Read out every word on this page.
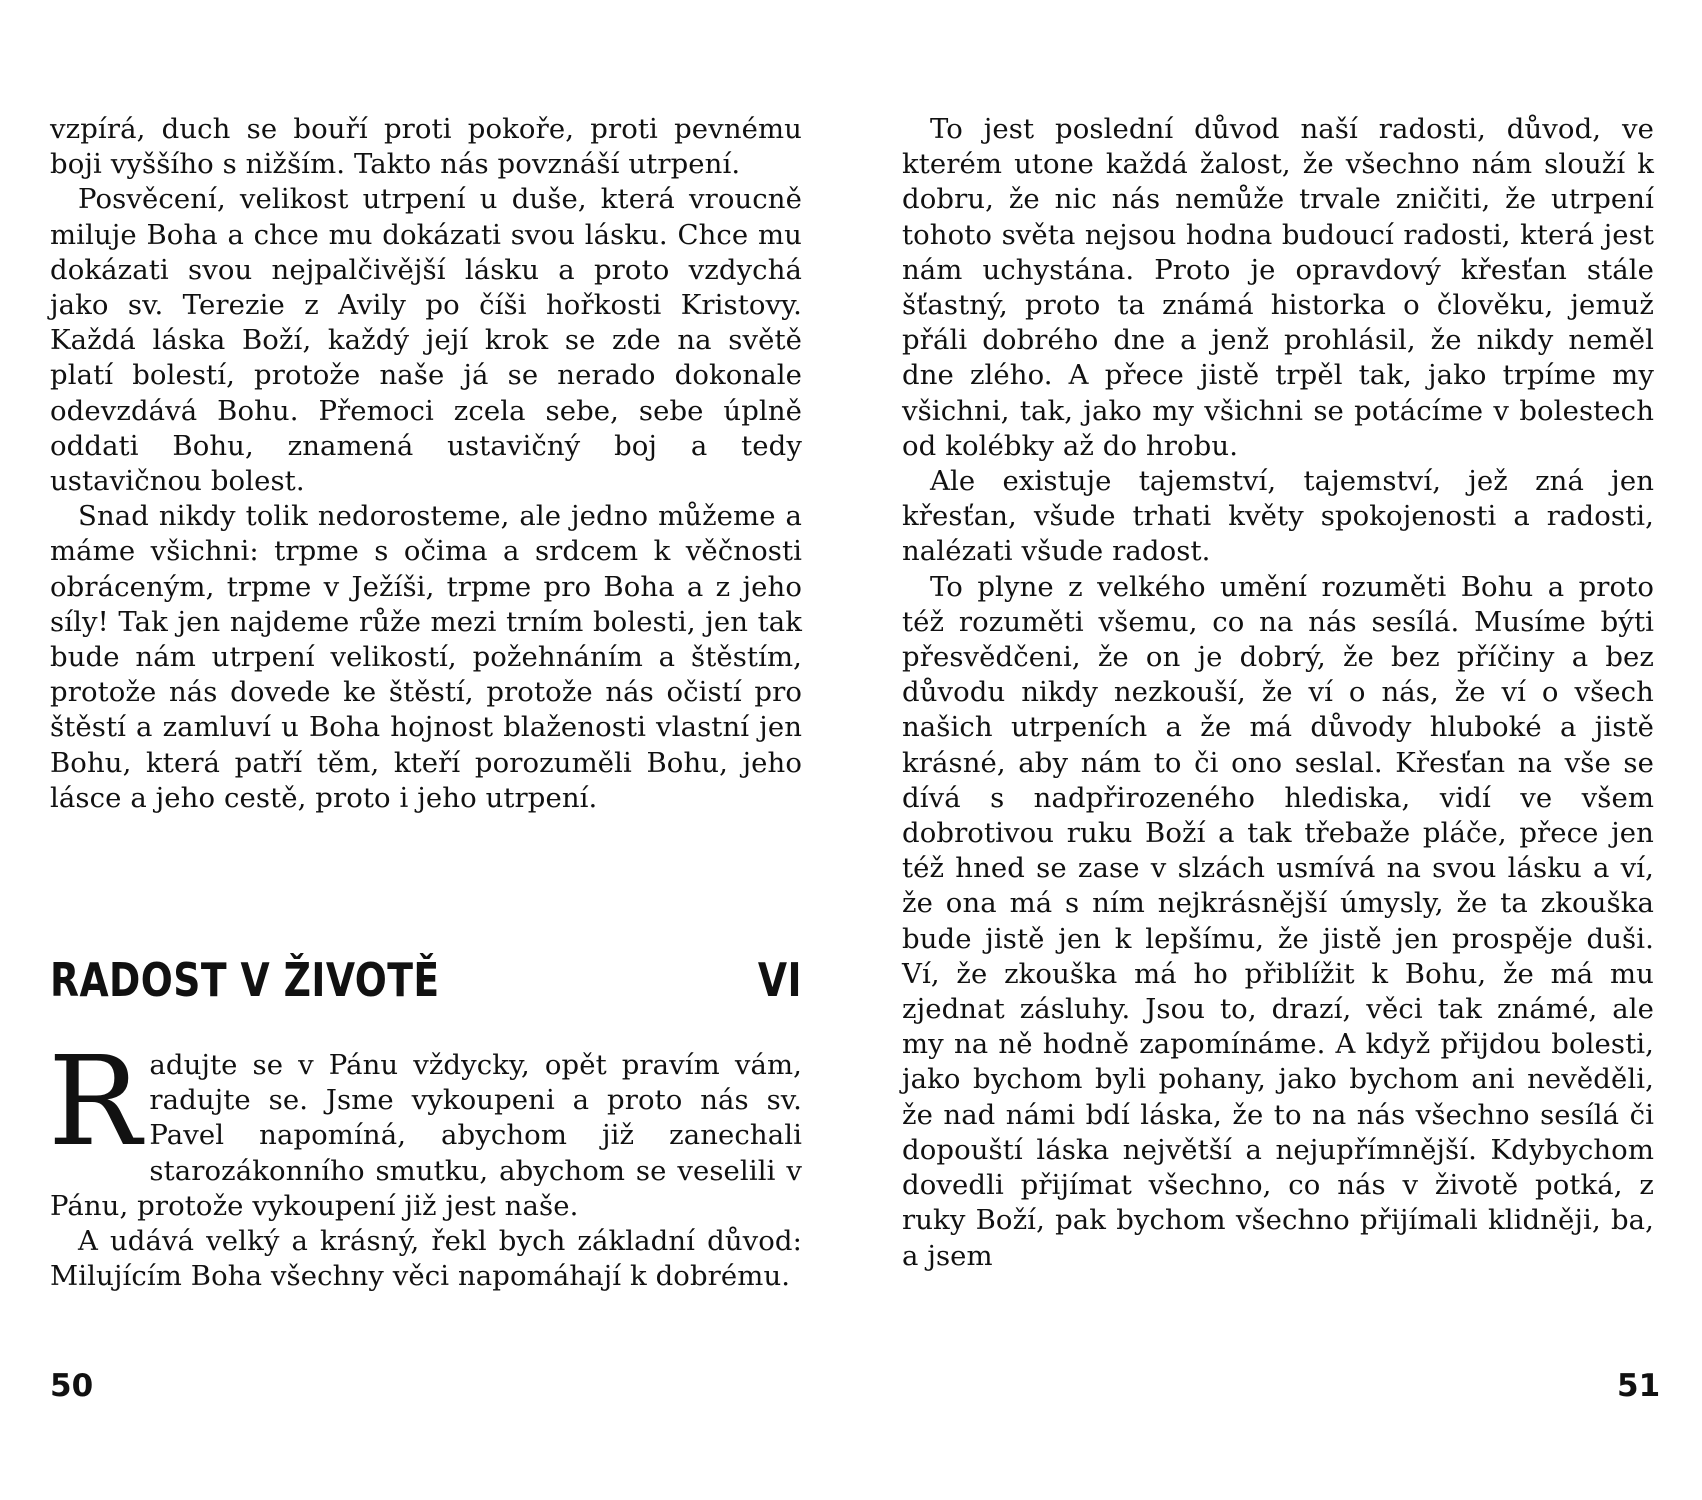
vzpírá, duch se bouří proti pokoře, proti pevnému boji vyššího s nižším. Takto nás povznáší utrpení.

Posvěcení, velikost utrpení u duše, která vroucně miluje Boha a chce mu dokázati svou lásku. Chce mu dokázati svou nejpalčivější lásku a proto vzdychá jako sv. Terezie z Avily po číši hořkosti Kristovy. Každá láska Boží, každý její krok se zde na světě platí bolestí, protože naše já se nerado dokonale odevzdává Bohu. Přemoci zcela sebe, sebe úplně oddati Bohu, znamená ustavičný boj a tedy ustavičnou bolest.

Snad nikdy tolik nedorosteme, ale jedno můžeme a máme všichni: trpme s očima a srdcem k věčnosti obráceným, trpme v Ježíši, trpme pro Boha a z jeho síly! Tak jen najdeme růže mezi trním bolesti, jen tak bude nám utrpení velikostí, požehnáním a štěstím, protože nás dovede ke štěstí, protože nás očistí pro štěstí a zamluví u Boha hojnost blaženosti vlastní jen Bohu, která patří těm, kteří porozuměli Bohu, jeho lásce a jeho cestě, proto i jeho utrpení.

RADOST V ŽIVOTĚ	VI
R adujte se v Pánu vždycky, opět pravím vám, radujte se. Jsme vykoupeni a proto nás sv. Pavel napomíná, abychom již zanechali starozákonního smutku, abychom se veselili v Pánu, protože vykoupení již jest naše.

A udává velký a krásný, řekl bych základní důvod: Milujícím Boha všechny věci napomáhají k dobrému.

To jest poslední důvod naší radosti, důvod, ve kterém utone každá žalost, že všechno nám slouží k dobru, že nic nás nemůže trvale zničiti, že utrpení tohoto světa nejsou hodna budoucí radosti, která jest nám uchystána. Proto je opravdový křesťan stále šťastný, proto ta známá historka o člověku, jemuž přáli dobrého dne a jenž prohlásil, že nikdy neměl dne zlého. A přece jistě trpěl tak, jako trpíme my všichni, tak, jako my všichni se potácíme v bolestech od kolébky až do hrobu.

Ale existuje tajemství, tajemství, jež zná jen křesťan, všude trhati květy spokojenosti a radosti, nalézati všude radost.

To plyne z velkého umění rozuměti Bohu a proto též rozuměti všemu, co na nás sesílá. Musíme býti přesvědčeni, že on je dobrý, že bez příčiny a bez důvodu nikdy nezkouší, že ví o nás, že ví o všech našich utrpeních a že má důvody hluboké a jistě krásné, aby nám to či ono seslal. Křesťan na vše se dívá s nadpřirozeného hlediska, vidí ve všem dobrotivou ruku Boží a tak třebaže pláče, přece jen též hned se zase v slzách usmívá na svou lásku a ví, že ona má s ním nejkrásnější úmysly, že ta zkouška bude jistě jen k lepšímu, že jistě jen prospěje duši. Ví, že zkouška má ho přiblížit k Bohu, že má mu zjednat zásluhy. Jsou to, drazí, věci tak známé, ale my na ně hodně zapomínáme. A když přijdou bolesti, jako bychom byli pohany, jako bychom ani nevěděli, že nad námi bdí láska, že to na nás všechno sesílá či dopouští láska největší a nejupřímnější. Kdybychom dovedli přijímat všechno, co nás v životě potká, z ruky Boží, pak bychom všechno přijímali klidněji, ba, a jsem

50	51
